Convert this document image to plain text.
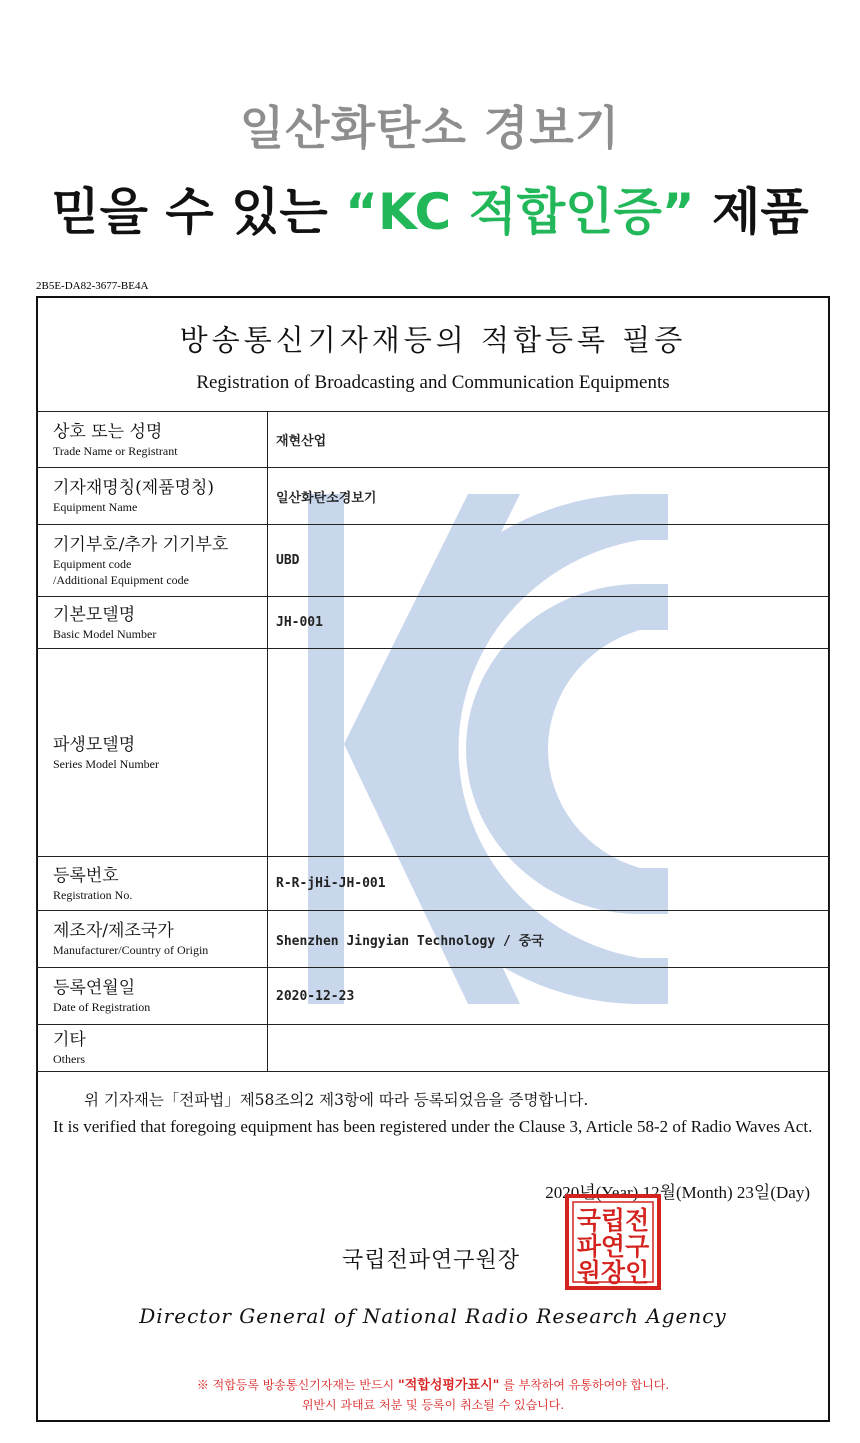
일산화탄소 경보기
믿을 수 있는 “KC 적합인증” 제품
2B5E-DA82-3677-BE4A
방송통신기자재등의 적합등록 필증
Registration of Broadcasting and Communication Equipments
상호 또는 성명
Trade Name or Registrant	재현산업

기자재명칭(제품명칭)
Equipment Name	일산화탄소경보기

기기부호/추가 기기부호
Equipment code
/Additional Equipment code	UBD

기본모델명
Basic Model Number	JH-001

파생모델명
Series Model Number	

등록번호
Registration No.	R-R-jHi-JH-001

제조자/제조국가
Manufacturer/Country of Origin	Shenzhen Jingyian Technology / 중국

등록연월일
Date of Registration	2020-12-23

기타
Others	

위 기자재는「전파법」제58조의2 제3항에 따라 등록되었음을 증명합니다.
It is verified that foregoing equipment has been registered under the Clause 3, Article 58-2 of Radio Waves Act.
2020년(Year) 12월(Month) 23일(Day)
국립전파연구원장
국립전
파연구
원장인
Director General of National Radio Research Agency
※ 적합등록 방송통신기자재는 반드시 "적합성평가표시" 를 부착하여 유통하여야 합니다.
위반시 과태료 처분 및 등록이 취소될 수 있습니다.
